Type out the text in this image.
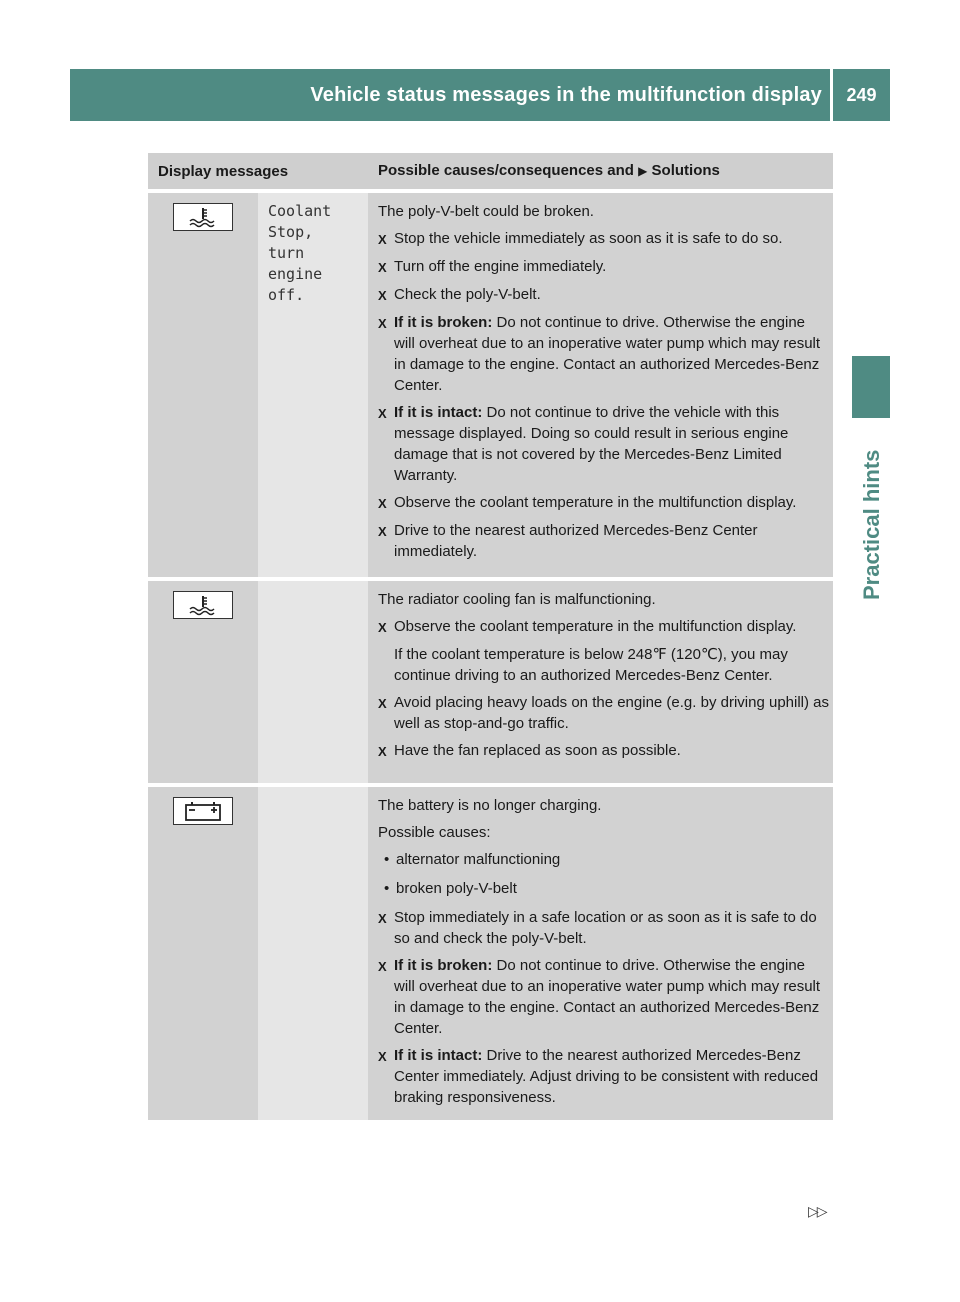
Vehicle status messages in the multifunction display	249
Practical hints
Display messages	Possible causes/consequences and ▶ Solutions
Coolant
Stop,
turn
engine
off.

The poly-V-belt could be broken.

X Stop the vehicle immediately as soon as it is safe to do so.
X Turn off the engine immediately.
X Check the poly-V-belt.
X If it is broken: Do not continue to drive. Otherwise the engine will overheat due to an inoperative water pump which may result in damage to the engine. Contact an authorized Mercedes-Benz Center.
X If it is intact: Do not continue to drive the vehicle with this message displayed. Doing so could result in serious engine damage that is not covered by the Mercedes-Benz Limited Warranty.
X Observe the coolant temperature in the multifunction display.
X Drive to the nearest authorized Mercedes-Benz Center immediately.

The radiator cooling fan is malfunctioning.

X Observe the coolant temperature in the multifunction display.

If the coolant temperature is below 248℉ (120℃), you may continue driving to an authorized Mercedes-Benz Center.

X Avoid placing heavy loads on the engine (e.g. by driving uphill) as well as stop-and-go traffic.
X Have the fan replaced as soon as possible.

The battery is no longer charging.

Possible causes:

• alternator malfunctioning
• broken poly-V-belt
X Stop immediately in a safe location or as soon as it is safe to do so and check the poly-V-belt.
X If it is broken: Do not continue to drive. Otherwise the engine will overheat due to an inoperative water pump which may result in damage to the engine. Contact an authorized Mercedes-Benz Center.
X If it is intact: Drive to the nearest authorized Mercedes-Benz Center immediately. Adjust driving to be consistent with reduced braking responsiveness.
▷▷
